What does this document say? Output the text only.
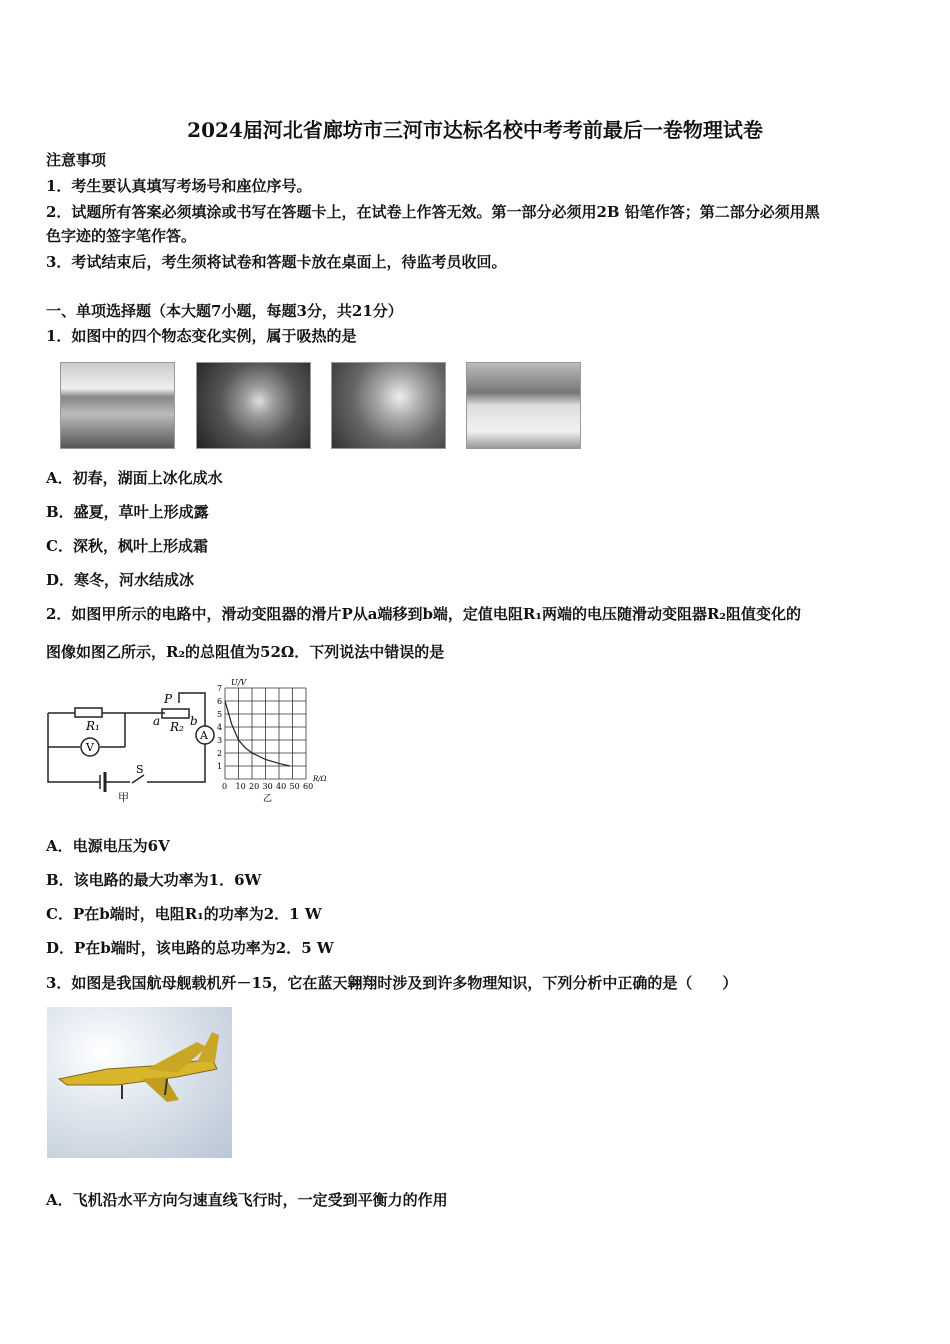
2024届河北省廊坊市三河市达标名校中考考前最后一卷物理试卷
注意事项
1．考生要认真填写考场号和座位序号。
2．试题所有答案必须填涂或书写在答题卡上，在试卷上作答无效。第一部分必须用2B 铅笔作答；第二部分必须用黑
色字迹的签字笔作答。
3．考试结束后，考生须将试卷和答题卡放在桌面上，待监考员收回。
一、单项选择题（本大题7小题，每题3分，共21分）
1．如图中的四个物态变化实例，属于吸热的是
A．初春，湖面上冰化成水
B．盛夏，草叶上形成露
C．深秋，枫叶上形成霜
D．寒冬，河水结成冰
2．如图甲所示的电路中，滑动变阻器的滑片P从a端移到b端，定值电阻R₁两端的电压随滑动变阻器R₂阻值变化的
图像如图乙所示，R₂的总阻值为52Ω．下列说法中错误的是
R₁
V
P
a b
R₂
A
S
甲
0 10 20 30 40 50 60
1
2
3
4
5
6
7
U/V
R/Ω
乙
A．电源电压为6V
B．该电路的最大功率为1．6W
C．P在b端时，电阻R₁的功率为2．1 W
D．P在b端时，该电路的总功率为2．5 W
3．如图是我国航母舰载机歼－15，它在蓝天翱翔时涉及到许多物理知识，下列分析中正确的是（　　）
A．飞机沿水平方向匀速直线飞行时，一定受到平衡力的作用
